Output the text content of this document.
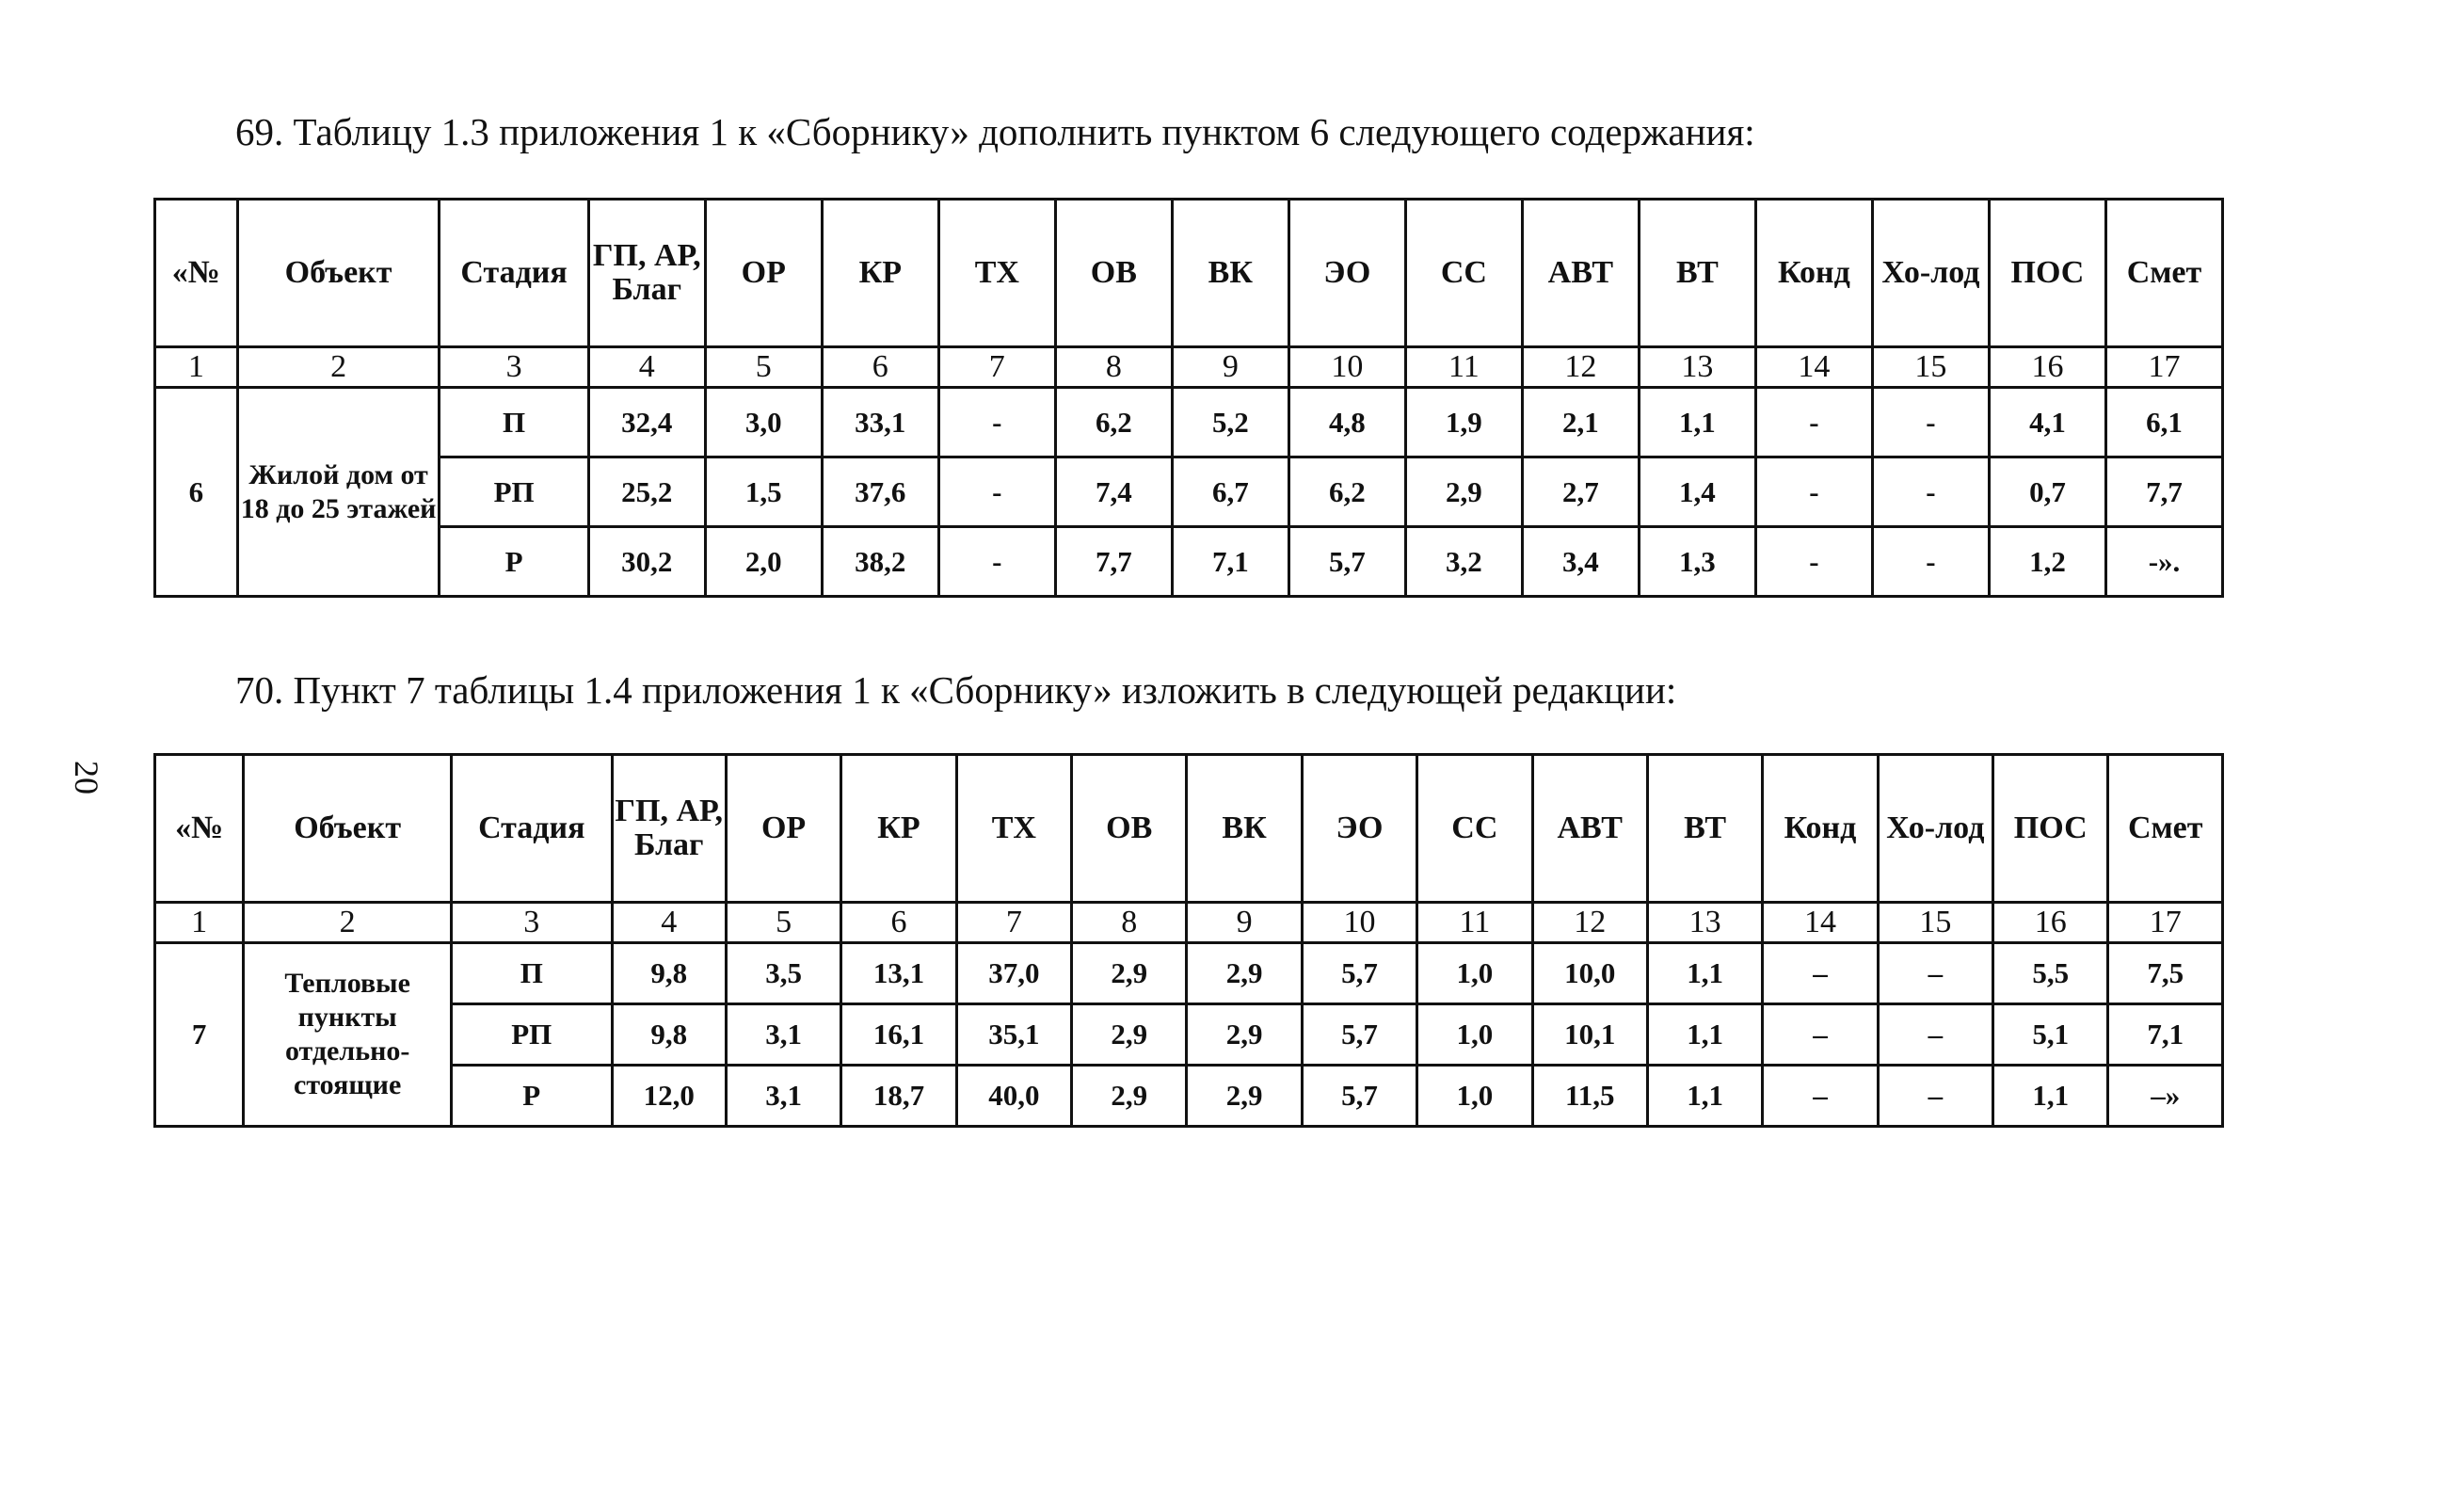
20
69. Таблицу 1.3 приложения 1 к «Сборнику» дополнить пунктом 6 следующего содержания:
«№	Объект	Стадия	ГП, АР, Благ	ОР	КР	ТХ	ОВ	ВК	ЭО	СС	АВТ	ВТ	Конд	Хо-лод	ПОС	Смет
1	2	3	4	5	6	7	8	9	10	11	12	13	14	15	16	17
6	Жилой дом от 18 до 25 этажей	П	32,4	3,0	33,1	-	6,2	5,2	4,8	1,9	2,1	1,1	-	-	4,1	6,1
		РП	25,2	1,5	37,6	-	7,4	6,7	6,2	2,9	2,7	1,4	-	-	0,7	7,7
		Р	30,2	2,0	38,2	-	7,7	7,1	5,7	3,2	3,4	1,3	-	-	1,2	-».
70. Пункт 7 таблицы 1.4 приложения 1 к «Сборнику» изложить в следующей редакции:
«№	Объект	Стадия	ГП, АР, Благ	ОР	КР	ТХ	ОВ	ВК	ЭО	СС	АВТ	ВТ	Конд	Хо-лод	ПОС	Смет
1	2	3	4	5	6	7	8	9	10	11	12	13	14	15	16	17
7	Тепловые пункты отдельно-стоящие	П	9,8	3,5	13,1	37,0	2,9	2,9	5,7	1,0	10,0	1,1	–	–	5,5	7,5
		РП	9,8	3,1	16,1	35,1	2,9	2,9	5,7	1,0	10,1	1,1	–	–	5,1	7,1
		Р	12,0	3,1	18,7	40,0	2,9	2,9	5,7	1,0	11,5	1,1	–	–	1,1	–»
